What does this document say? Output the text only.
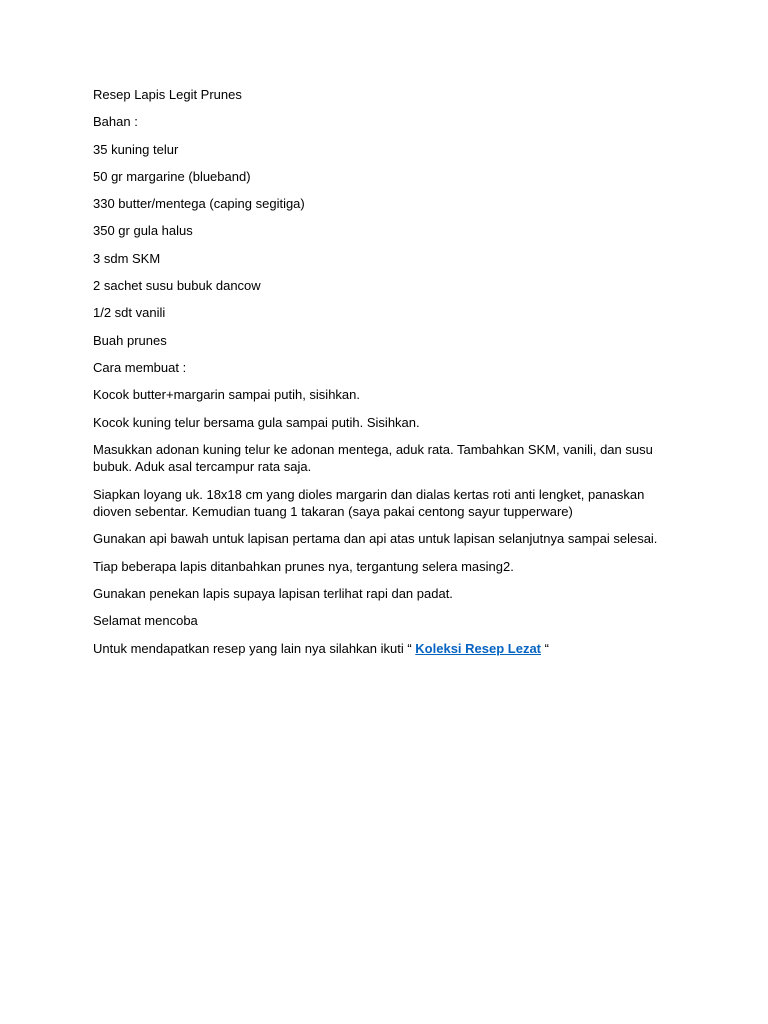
Resep Lapis Legit Prunes

Bahan :

35 kuning telur

50 gr margarine (blueband)

330 butter/mentega (caping segitiga)

350 gr gula halus

3 sdm SKM

2 sachet susu bubuk dancow

1/2 sdt vanili

Buah prunes

Cara membuat :

Kocok butter+margarin sampai putih, sisihkan.

Kocok kuning telur bersama gula sampai putih. Sisihkan.

Masukkan adonan kuning telur ke adonan mentega, aduk rata. Tambahkan SKM, vanili, dan susu bubuk. Aduk asal tercampur rata saja.

Siapkan loyang uk. 18x18 cm yang dioles margarin dan dialas kertas roti anti lengket, panaskan dioven sebentar. Kemudian tuang 1 takaran (saya pakai centong sayur tupperware)

Gunakan api bawah untuk lapisan pertama dan api atas untuk lapisan selanjutnya sampai selesai.

Tiap beberapa lapis ditanbahkan prunes nya, tergantung selera masing2.

Gunakan penekan lapis supaya lapisan terlihat rapi dan padat.

Selamat mencoba

Untuk mendapatkan resep yang lain nya silahkan ikuti “ Koleksi Resep Lezat “
